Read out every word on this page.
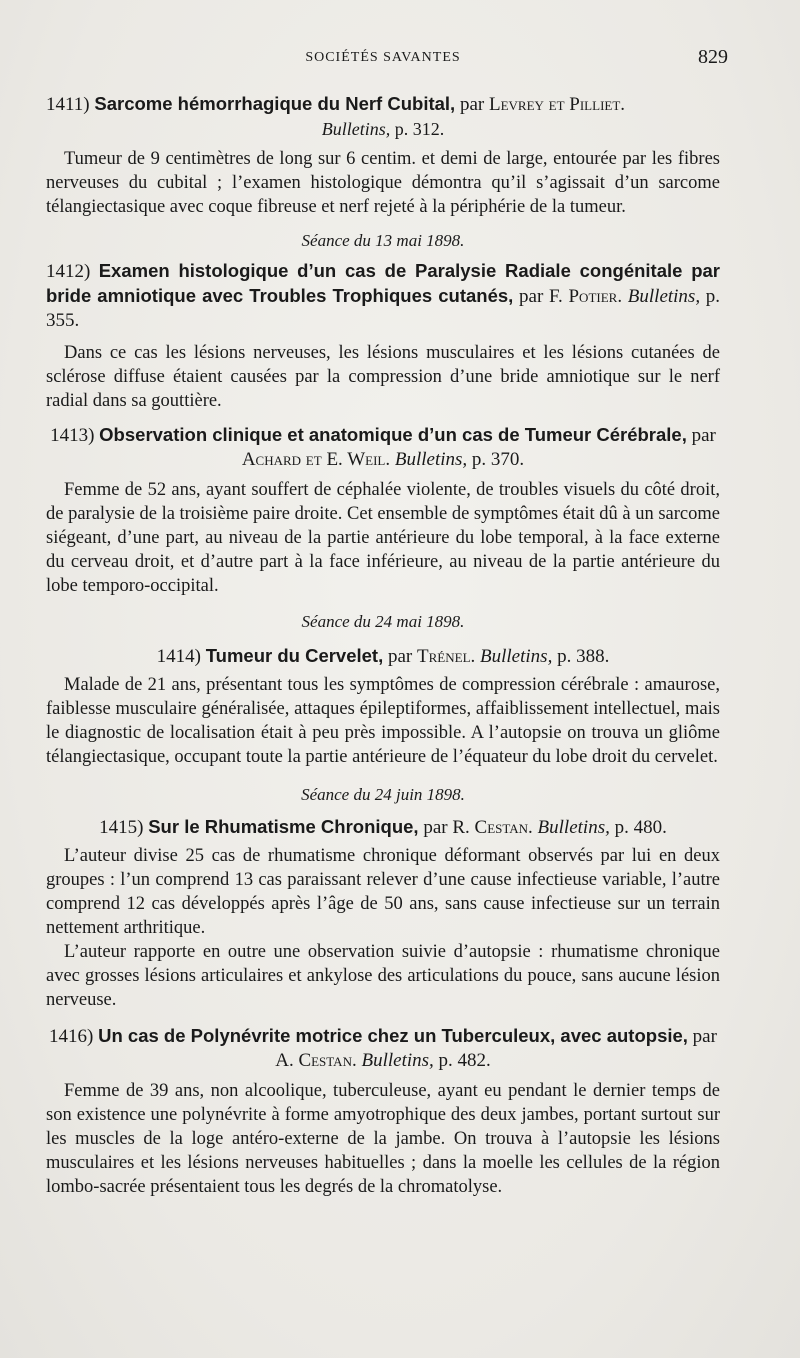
SOCIÉTÉS SAVANTES	829

1411) Sarcome hémorrhagique du Nerf Cubital, par Levrey et Pilliet.

Bulletins, p. 312.

Tumeur de 9 centimètres de long sur 6 centim. et demi de large, entourée par les fibres nerveuses du cubital ; l’examen histologique démontra qu’il s’agissait d’un sarcome télangiectasique avec coque fibreuse et nerf rejeté à la périphérie de la tumeur.

Séance du 13 mai 1898.

1412) Examen histologique d’un cas de Paralysie Radiale congénitale par bride amniotique avec Troubles Trophiques cutanés, par F. Potier. Bulletins, p. 355.

Dans ce cas les lésions nerveuses, les lésions musculaires et les lésions cutanées de sclérose diffuse étaient causées par la compression d’une bride amniotique sur le nerf radial dans sa gouttière.

1413) Observation clinique et anatomique d’un cas de Tumeur Cérébrale, par Achard et E. Weil. Bulletins, p. 370.

Femme de 52 ans, ayant souffert de céphalée violente, de troubles visuels du côté droit, de paralysie de la troisième paire droite. Cet ensemble de symptômes était dû à un sarcome siégeant, d’une part, au niveau de la partie antérieure du lobe temporal, à la face externe du cerveau droit, et d’autre part à la face inférieure, au niveau de la partie antérieure du lobe temporo-occipital.

Séance du 24 mai 1898.

1414) Tumeur du Cervelet, par Trénel. Bulletins, p. 388.

Malade de 21 ans, présentant tous les symptômes de compression cérébrale : amaurose, faiblesse musculaire généralisée, attaques épileptiformes, affaiblissement intellectuel, mais le diagnostic de localisation était à peu près impossible. A l’autopsie on trouva un gliôme télangiectasique, occupant toute la partie antérieure de l’équateur du lobe droit du cervelet.

Séance du 24 juin 1898.

1415) Sur le Rhumatisme Chronique, par R. Cestan. Bulletins, p. 480.

L’auteur divise 25 cas de rhumatisme chronique déformant observés par lui en deux groupes : l’un comprend 13 cas paraissant relever d’une cause infectieuse variable, l’autre comprend 12 cas développés après l’âge de 50 ans, sans cause infectieuse sur un terrain nettement arthritique.

L’auteur rapporte en outre une observation suivie d’autopsie : rhumatisme chronique avec grosses lésions articulaires et ankylose des articulations du pouce, sans aucune lésion nerveuse.

1416) Un cas de Polynévrite motrice chez un Tuberculeux, avec autopsie, par A. Cestan. Bulletins, p. 482.

Femme de 39 ans, non alcoolique, tuberculeuse, ayant eu pendant le dernier temps de son existence une polynévrite à forme amyotrophique des deux jambes, portant surtout sur les muscles de la loge antéro-externe de la jambe. On trouva à l’autopsie les lésions musculaires et les lésions nerveuses habituelles ; dans la moelle les cellules de la région lombo-sacrée présentaient tous les degrés de la chromatolyse.
